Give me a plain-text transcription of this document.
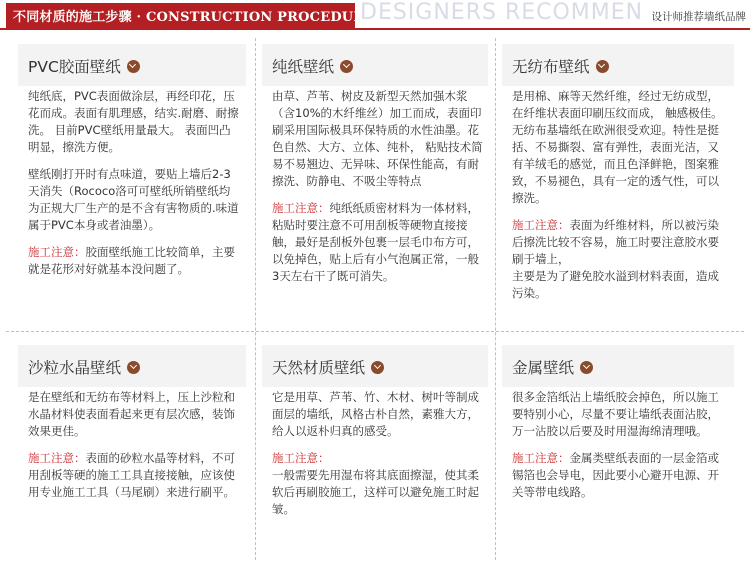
不同材质的施工步骤 · CONSTRUCTION PROCEDURE
DESIGNERS RECOMMEN 设计师推荐墙纸品牌
PVC胶面壁纸

纯纸底，PVC表面做涂层，再经印花，压花而成。表面有肌理感，结实.耐磨、耐擦洗。 目前PVC壁纸用量最大。 表面凹凸明显，擦洗方便。

壁纸刚打开时有点味道，要贴上墙后2-3天消失（Rococo洛可可壁纸所销壁纸均为正规大厂生产的是不含有害物质的.味道属于PVC本身或者油墨）。

施工注意：胶面壁纸施工比较简单，主要就是花形对好就基本没问题了。

纯纸壁纸

由草、芦苇、树皮及新型天然加强木浆（含10%的木纤维丝）加工而成，表面印刷采用国际极具环保特质的水性油墨。花色自然、大方、立体、纯朴， 粘贴技术简易不易翘边、无异味、环保性能高，有耐擦洗、防静电、不吸尘等特点

施工注意：纯纸纸质密材料为一体材料，粘贴时要注意不可用刮板等硬物直接接触，最好是刮板外包裹一层毛巾布方可，以免掉色，贴上后有小气泡属正常，一般3天左右干了既可消失。

无纺布壁纸

是用棉、麻等天然纤维，经过无纺成型，在纤维状表面印刷压纹而成， 触感极佳。无纺布基墙纸在欧洲很受欢迎。特性是挺括、不易撕裂、富有弹性，表面光洁，又有羊绒毛的感觉，而且色泽鲜艳，图案雅致，不易褪色，具有一定的透气性，可以擦洗。

施工注意：表面为纤维材料，所以被污染后擦洗比较不容易，施工时要注意胶水要刷于墙上，

主要是为了避免胶水溢到材料表面，造成污染。

沙粒水晶壁纸

是在壁纸和无纺布等材料上，压上沙粒和水晶材料使表面看起来更有层次感，装饰效果更佳。

施工注意：表面的砂粒水晶等材料，不可用刮板等硬的施工工具直接接触，应该使用专业施工工具（马尾刷）来进行刷平。

天然材质壁纸

它是用草、芦苇、竹、木材、树叶等制成面层的墙纸，风格古朴自然，素雅大方，给人以返朴归真的感受。

施工注意：
一般需要先用湿布将其底面擦湿，使其柔软后再刷胶施工，这样可以避免施工时起皱。

金属壁纸

很多金箔纸沾上墙纸胶会掉色，所以施工要特别小心，尽量不要让墙纸表面沾胶，万一沾胶以后要及时用湿海绵清理哦。

施工注意：金属类壁纸表面的一层金箔或锡箔也会导电，因此要小心避开电源、开关等带电线路。
